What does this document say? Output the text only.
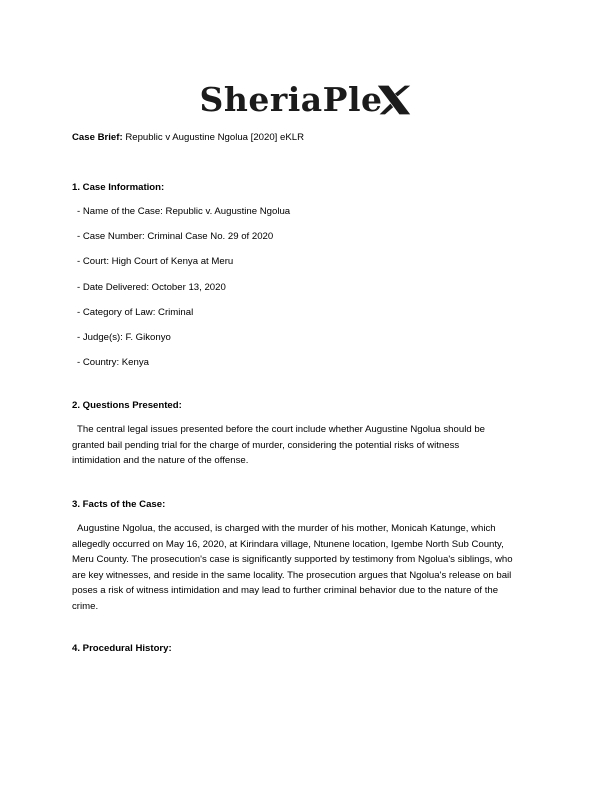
SheriaPle

Case Brief: Republic v Augustine Ngolua [2020] eKLR

1. Case Information:

- Name of the Case: Republic v. Augustine Ngolua

- Case Number: Criminal Case No. 29 of 2020

- Court: High Court of Kenya at Meru

- Date Delivered: October 13, 2020

- Category of Law: Criminal

- Judge(s): F. Gikonyo

- Country: Kenya

2. Questions Presented:

The central legal issues presented before the court include whether Augustine Ngolua should be
granted bail pending trial for the charge of murder, considering the potential risks of witness
intimidation and the nature of the offense.

3. Facts of the Case:

Augustine Ngolua, the accused, is charged with the murder of his mother, Monicah Katunge, which
allegedly occurred on May 16, 2020, at Kirindara village, Ntunene location, Igembe North Sub County,
Meru County. The prosecution's case is significantly supported by testimony from Ngolua's siblings, who
are key witnesses, and reside in the same locality. The prosecution argues that Ngolua's release on bail
poses a risk of witness intimidation and may lead to further criminal behavior due to the nature of the
crime.

4. Procedural History:
